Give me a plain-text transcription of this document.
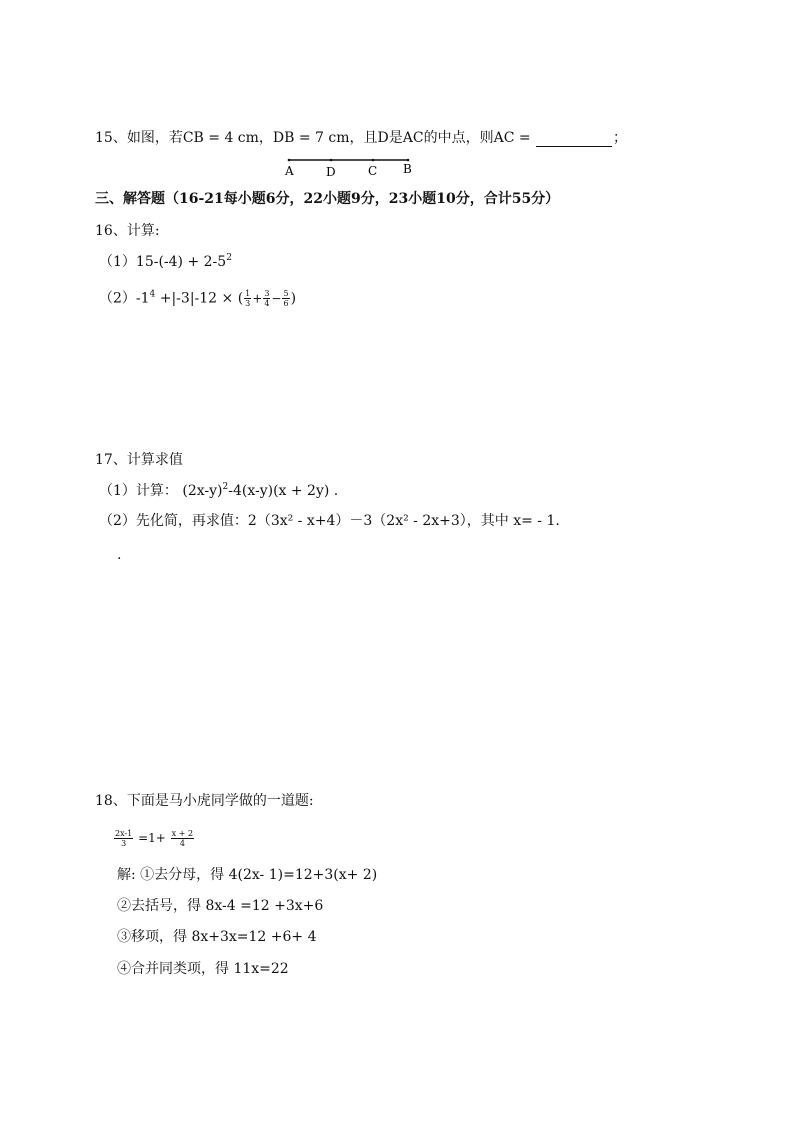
15、如图，若CB = 4 cm，DB = 7 cm，且D是AC的中点，则AC =	；
A	D	C B
三、解答题（16-21每小题6分，22小题9分，23小题10分，合计55分）
16、计算:
$(1)15-(-4) + 2-5^2$
$(2)-1^4 +|-3|-12$ × ( $\frac{1}{3} + \frac{3}{4} - \frac{5}{6}$ )
17、计算求值
（1）计算： $(2x-y)^2-4(x-y)(x + 2y)$ .
（2）先化简，再求值：2（3x² - x+4）－3（2x² - 2x+3），其中 x= - 1.
.
18、下面是马小虎同学做的一道题:
$\frac{2x-1}{3} =1+ \frac{x + 2}{4}$
解: ①去分母，得 4(2x- 1)=12+3(x+ 2)
②去括号，得 8x-4 =12 +3x+6
③移项，得 8x+3x=12 +6+ 4
④合并同类项，得 11x=22
